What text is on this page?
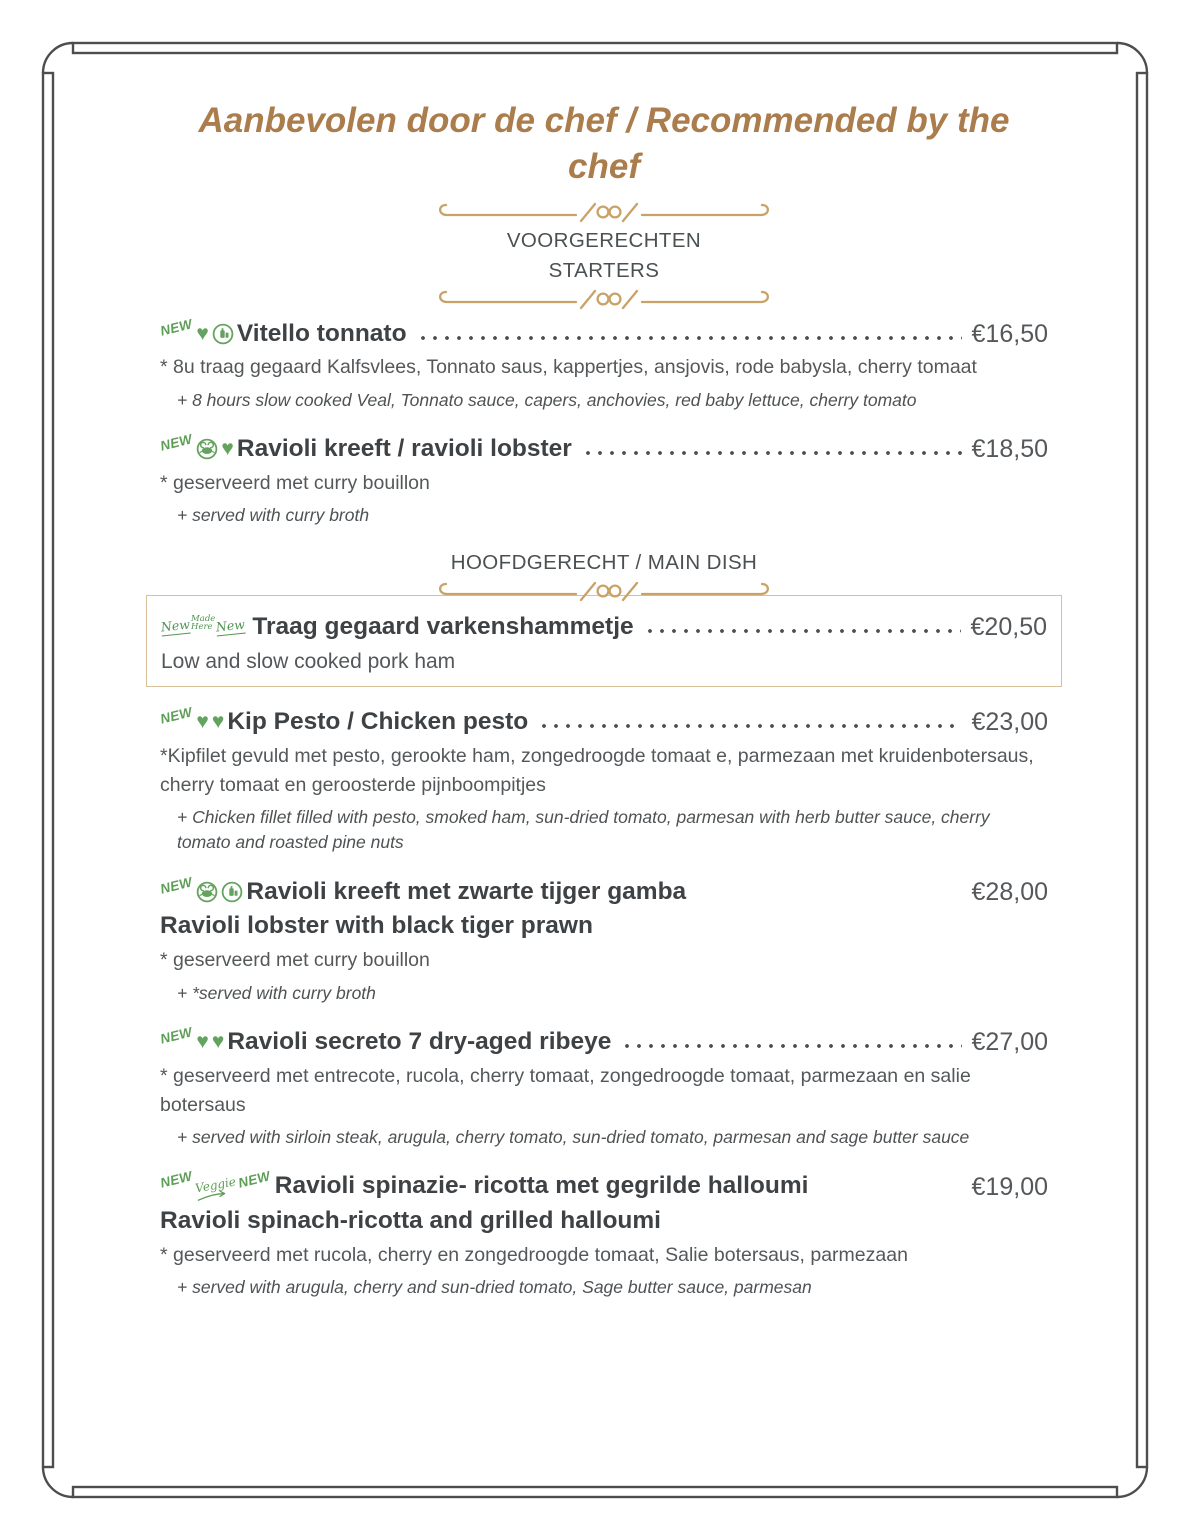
Aanbevolen door de chef / Recommended by the chef
VOORGERECHTEN
STARTERS
NEW ♥ Vitello tonnato	€16,50

* 8u traag gegaard Kalfsvlees, Tonnato saus, kappertjes, ansjovis, rode babysla, cherry tomaat

+ 8 hours slow cooked Veal, Tonnato sauce, capers, anchovies, red baby lettuce, cherry tomato

NEW ♥ Ravioli kreeft / ravioli lobster	€18,50

* geserveerd met curry bouillon

+ served with curry broth

HOOFDGERECHT / MAIN DISH
New Made
Here New Traag gegaard varkenshammetje	€20,50

Low and slow cooked pork ham

NEW ♥ ♥ Kip Pesto / Chicken pesto	€23,00

*Kipfilet gevuld met pesto, gerookte ham, zongedroogde tomaat e, parmezaan met kruidenbotersaus, cherry tomaat en geroosterde pijnboompitjes

+ Chicken fillet filled with pesto, smoked ham, sun-dried tomato, parmesan with herb butter sauce, cherry tomato and roasted pine nuts

NEW Ravioli kreeft met zwarte tijger gamba	€28,00
Ravioli lobster with black tiger prawn

* geserveerd met curry bouillon

+ *served with curry broth

NEW ♥ ♥ Ravioli secreto 7 dry-aged ribeye	€27,00

* geserveerd met entrecote, rucola, cherry tomaat, zongedroogde tomaat, parmezaan en salie botersaus

+ served with sirloin steak, arugula, cherry tomato, sun-dried tomato, parmesan and sage butter sauce

NEW Veggie NEW Ravioli spinazie- ricotta met gegrilde halloumi	€19,00
Ravioli spinach-ricotta and grilled halloumi

* geserveerd met rucola, cherry en zongedroogde tomaat, Salie botersaus, parmezaan

+ served with arugula, cherry and sun-dried tomato, Sage butter sauce, parmesan
